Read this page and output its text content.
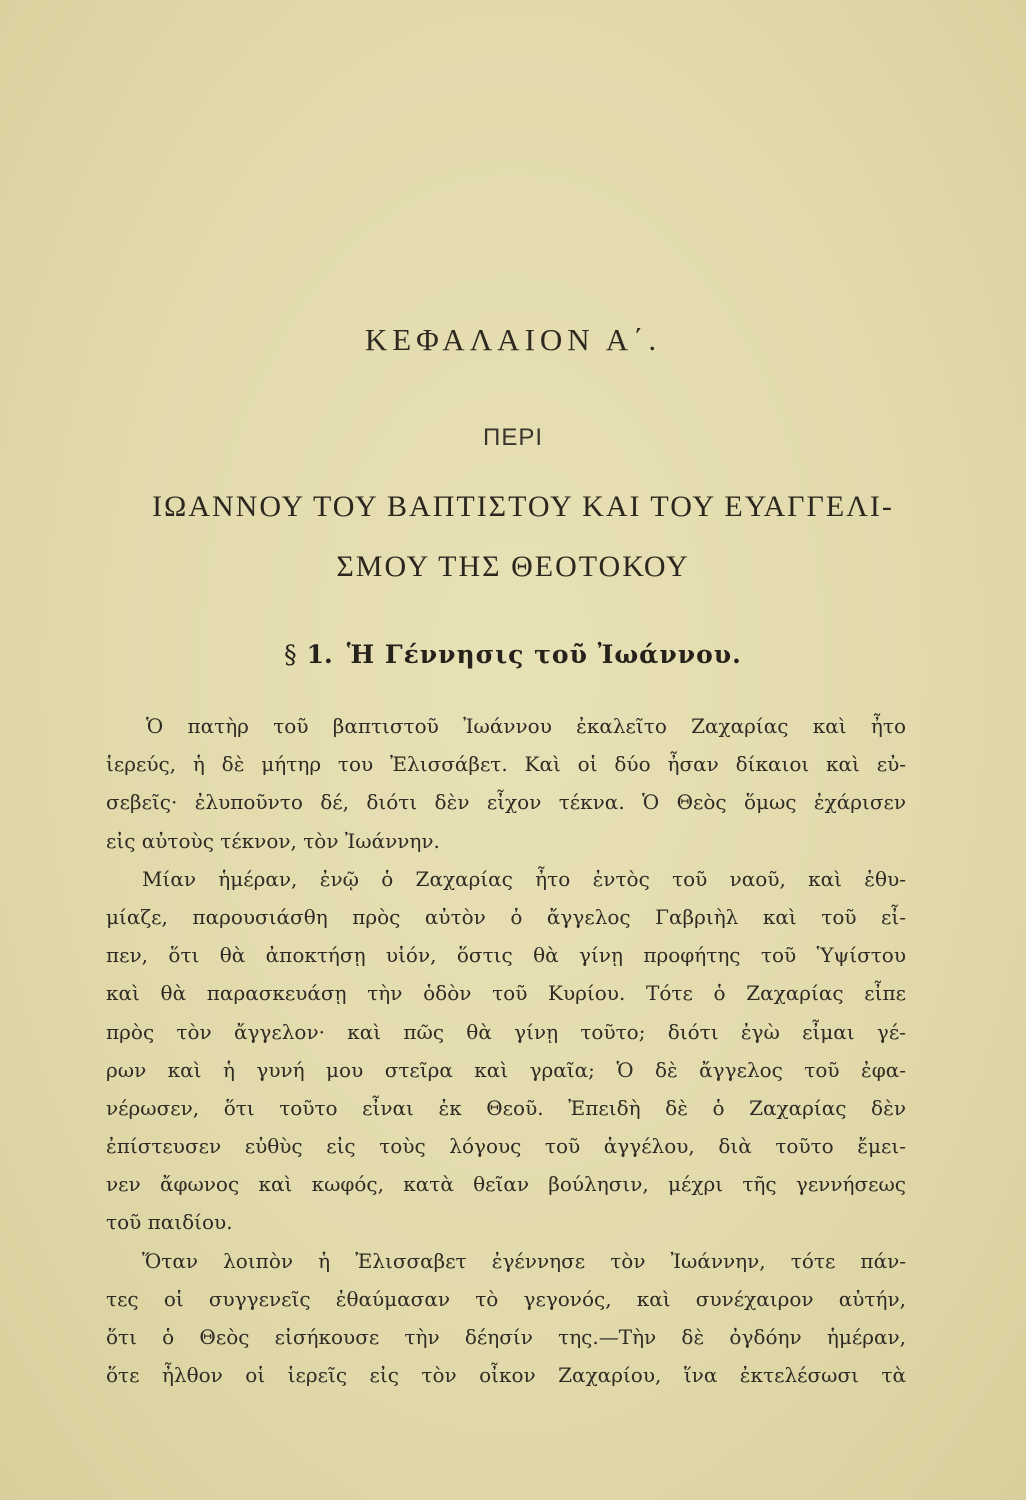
ΚΕΦΑΛΑΙΟΝ Α΄.
ΠΕΡΙ
ΙΩΑΝΝΟΥ ΤΟΥ ΒΑΠΤΙΣΤΟΥ ΚΑΙ ΤΟΥ ΕΥΑΓΓΕΛΙ-
ΣΜΟΥ ΤΗΣ ΘΕΟΤΟΚΟΥ
§ 1. Ἡ Γέννησις τοῦ Ἰωάννου.
Ὁ πατὴρ τοῦ βαπτιστοῦ Ἰωάννου ἐκαλεῖτο Ζαχαρίας καὶ ἦτο
ἱερεύς, ἡ δὲ μήτηρ του Ἐλισσάβετ. Καὶ οἱ δύο ἦσαν δίκαιοι καὶ εὐ-
σεβεῖς· ἐλυποῦντο δέ, διότι δὲν εἶχον τέκνα. Ὁ Θεὸς ὅμως ἐχάρισεν
εἰς αὐτοὺς τέκνον, τὸν Ἰωάννην.
Μίαν ἡμέραν, ἐνῷ ὁ Ζαχαρίας ἦτο ἐντὸς τοῦ ναοῦ, καὶ ἐθυ-
μίαζε, παρουσιάσθη πρὸς αὐτὸν ὁ ἄγγελος Γαβριὴλ καὶ τοῦ εἶ-
πεν, ὅτι θὰ ἀποκτήσῃ υἱόν, ὅστις θὰ γίνῃ προφήτης τοῦ Ὑψίστου
καὶ θὰ παρασκευάσῃ τὴν ὁδὸν τοῦ Κυρίου. Τότε ὁ Ζαχαρίας εἶπε
πρὸς τὸν ἄγγελον· καὶ πῶς θὰ γίνῃ τοῦτο; διότι ἐγὼ εἶμαι γέ-
ρων καὶ ἡ γυνή μου στεῖρα καὶ γραῖα; Ὁ δὲ ἄγγελος τοῦ ἐφα-
νέρωσεν, ὅτι τοῦτο εἶναι ἐκ Θεοῦ. Ἐπειδὴ δὲ ὁ Ζαχαρίας δὲν
ἐπίστευσεν εὐθὺς εἰς τοὺς λόγους τοῦ ἀγγέλου, διὰ τοῦτο ἔμει-
νεν ἄφωνος καὶ κωφός, κατὰ θεῖαν βούλησιν, μέχρι τῆς γεννήσεως
τοῦ παιδίου.
Ὅταν λοιπὸν ἡ Ἐλισσαβετ ἐγέννησε τὸν Ἰωάννην, τότε πάν-
τες οἱ συγγενεῖς ἐθαύμασαν τὸ γεγονός, καὶ συνέχαιρον αὐτήν,
ὅτι ὁ Θεὸς εἰσήκουσε τὴν δέησίν της.—Τὴν δὲ ὀγδόην ἡμέραν,
ὅτε ἦλθον οἱ ἱερεῖς εἰς τὸν οἶκον Ζαχαρίου, ἵνα ἐκτελέσωσι τὰ
